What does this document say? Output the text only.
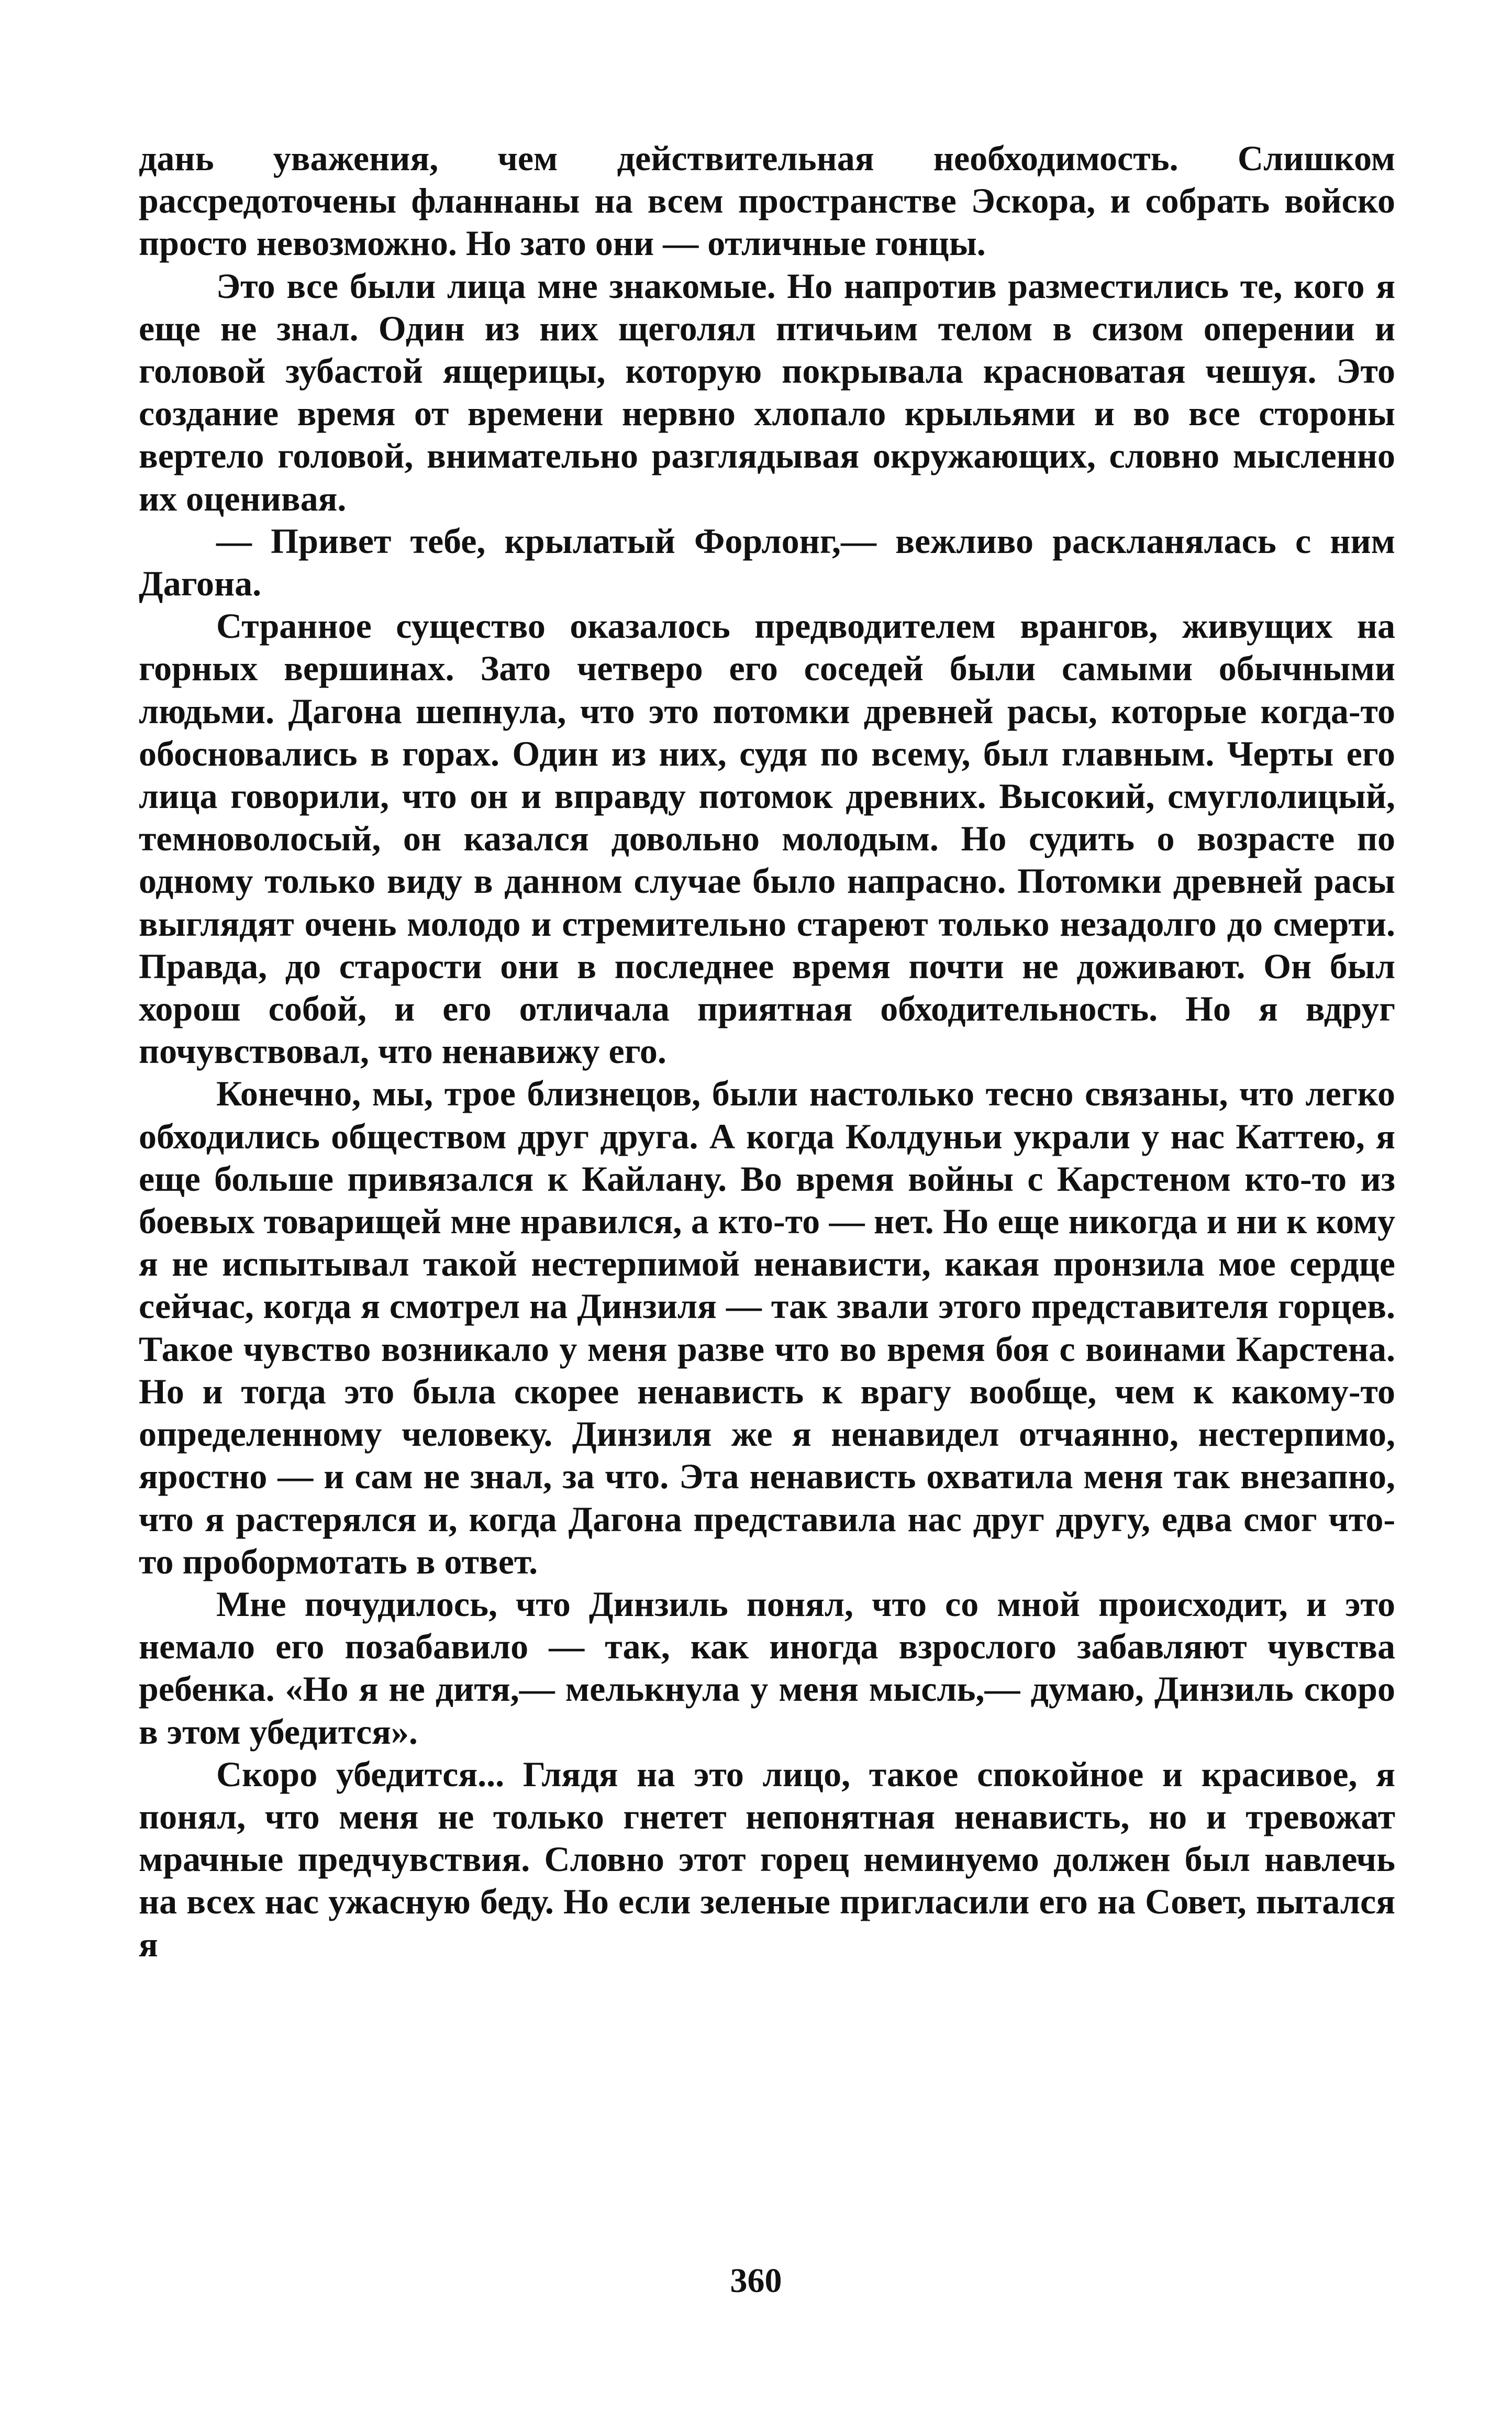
дань уважения, чем действительная необходимость. Слишком рассредоточены фланнаны на всем пространстве Эскора, и собрать войско просто невозможно. Но зато они — отличные гонцы.

Это все были лица мне знакомые. Но напротив разместились те, кого я еще не знал. Один из них щеголял птичьим телом в сизом оперении и головой зубастой ящерицы, которую покрывала красноватая чешуя. Это создание время от времени нервно хлопало крыльями и во все стороны вертело головой, внимательно разглядывая окружающих, словно мысленно их оценивая.

— Привет тебе, крылатый Форлонг,— вежливо раскланялась с ним Дагона.

Странное существо оказалось предводителем врангов, живущих на горных вершинах. Зато четверо его соседей были самыми обычными людьми. Дагона шепнула, что это потомки древней расы, которые когда-то обосновались в горах. Один из них, судя по всему, был главным. Черты его лица говорили, что он и вправду потомок древних. Высокий, смуглолицый, темноволосый, он казался довольно молодым. Но судить о возрасте по одному только виду в данном случае было напрасно. Потомки древней расы выглядят очень молодо и стремительно стареют только незадолго до смерти. Правда, до старости они в последнее время почти не доживают. Он был хорош собой, и его отличала приятная обходительность. Но я вдруг почувствовал, что ненавижу его.

Конечно, мы, трое близнецов, были настолько тесно связаны, что легко обходились обществом друг друга. А когда Колдуньи украли у нас Каттею, я еще больше привязался к Кайлану. Во время войны с Карстеном кто-то из боевых товарищей мне нравился, а кто-то — нет. Но еще никогда и ни к кому я не испытывал такой нестерпимой ненависти, какая пронзила мое сердце сейчас, когда я смотрел на Динзиля — так звали этого представителя горцев. Такое чувство возникало у меня разве что во время боя с воинами Карстена. Но и тогда это была скорее ненависть к врагу вообще, чем к какому-то определенному человеку. Динзиля же я ненавидел отчаянно, нестерпимо, яростно — и сам не знал, за что. Эта ненависть охватила меня так внезапно, что я растерялся и, когда Дагона представила нас друг другу, едва смог что-то пробормотать в ответ.

Мне почудилось, что Динзиль понял, что со мной происходит, и это немало его позабавило — так, как иногда взрослого забавляют чувства ребенка. «Но я не дитя,— мелькнула у меня мысль,— думаю, Динзиль скоро в этом убедится».

Скоро убедится... Глядя на это лицо, такое спокойное и красивое, я понял, что меня не только гнетет непонятная ненависть, но и тревожат мрачные предчувствия. Словно этот горец неминуемо должен был навлечь на всех нас ужасную беду. Но если зеленые пригласили его на Совет, пытался я

360
